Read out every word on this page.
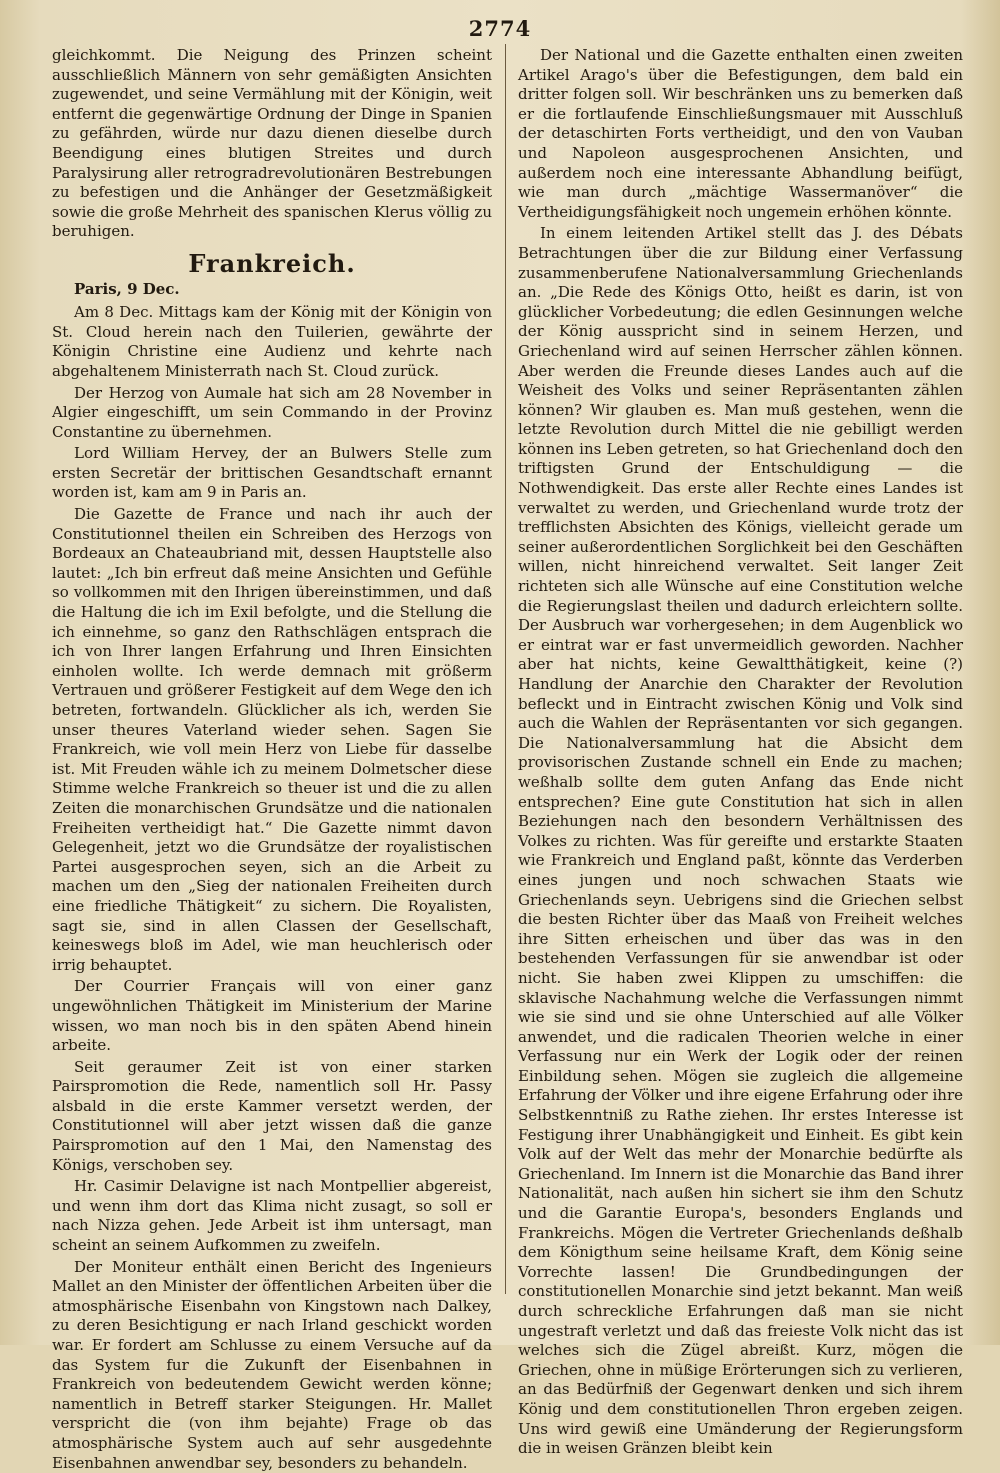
2774

gleichkommt. Die Neigung des Prinzen scheint ausschließlich Männern von sehr gemäßigten Ansichten zugewendet, und seine Vermählung mit der Königin, weit entfernt die gegenwärtige Ordnung der Dinge in Spanien zu gefährden, würde nur dazu dienen dieselbe durch Beendigung eines blutigen Streites und durch Paralysirung aller retrogradrevolutionären Bestrebungen zu befestigen und die Anhänger der Gesetzmäßigkeit sowie die große Mehrheit des spanischen Klerus völlig zu beruhigen.

Frankreich.
Paris, 9 Dec.

Am 8 Dec. Mittags kam der König mit der Königin von St. Cloud herein nach den Tuilerien, gewährte der Königin Christine eine Audienz und kehrte nach abgehaltenem Ministerrath nach St. Cloud zurück.

Der Herzog von Aumale hat sich am 28 November in Algier eingeschifft, um sein Commando in der Provinz Constantine zu übernehmen.

Lord William Hervey, der an Bulwers Stelle zum ersten Secretär der brittischen Gesandtschaft ernannt worden ist, kam am 9 in Paris an.

Die Gazette de France und nach ihr auch der Constitutionnel theilen ein Schreiben des Herzogs von Bordeaux an Chateaubriand mit, dessen Hauptstelle also lautet: „Ich bin erfreut daß meine Ansichten und Gefühle so vollkommen mit den Ihrigen übereinstimmen, und daß die Haltung die ich im Exil befolgte, und die Stellung die ich einnehme, so ganz den Rathschlägen entsprach die ich von Ihrer langen Erfahrung und Ihren Einsichten einholen wollte. Ich werde demnach mit größerm Vertrauen und größerer Festigkeit auf dem Wege den ich betreten, fortwandeln. Glücklicher als ich, werden Sie unser theures Vaterland wieder sehen. Sagen Sie Frankreich, wie voll mein Herz von Liebe für dasselbe ist. Mit Freuden wähle ich zu meinem Dolmetscher diese Stimme welche Frankreich so theuer ist und die zu allen Zeiten die monarchischen Grundsätze und die nationalen Freiheiten vertheidigt hat.“ Die Gazette nimmt davon Gelegenheit, jetzt wo die Grundsätze der royalistischen Partei ausgesprochen seyen, sich an die Arbeit zu machen um den „Sieg der nationalen Freiheiten durch eine friedliche Thätigkeit“ zu sichern. Die Royalisten, sagt sie, sind in allen Classen der Gesellschaft, keineswegs bloß im Adel, wie man heuchlerisch oder irrig behauptet.

Der Courrier Français will von einer ganz ungewöhnlichen Thätigkeit im Ministerium der Marine wissen, wo man noch bis in den späten Abend hinein arbeite.

Seit geraumer Zeit ist von einer starken Pairspromotion die Rede, namentlich soll Hr. Passy alsbald in die erste Kammer versetzt werden, der Constitutionnel will aber jetzt wissen daß die ganze Pairspromotion auf den 1 Mai, den Namenstag des Königs, verschoben sey.

Hr. Casimir Delavigne ist nach Montpellier abgereist, und wenn ihm dort das Klima nicht zusagt, so soll er nach Nizza gehen. Jede Arbeit ist ihm untersagt, man scheint an seinem Aufkommen zu zweifeln.

Der Moniteur enthält einen Bericht des Ingenieurs Mallet an den Minister der öffentlichen Arbeiten über die atmosphärische Eisenbahn von Kingstown nach Dalkey, zu deren Besichtigung er nach Irland geschickt worden war. Er fordert am Schlusse zu einem Versuche auf da das System fur die Zukunft der Eisenbahnen in Frankreich von bedeutendem Gewicht werden könne; namentlich in Betreff starker Steigungen. Hr. Mallet verspricht die (von ihm bejahte) Frage ob das atmosphärische System auch auf sehr ausgedehnte Eisenbahnen anwendbar sey, besonders zu behandeln.

Der National und die Gazette enthalten einen zweiten Artikel Arago's über die Befestigungen, dem bald ein dritter folgen soll. Wir beschränken uns zu bemerken daß er die fortlaufende Einschließungsmauer mit Ausschluß der detaschirten Forts vertheidigt, und den von Vauban und Napoleon ausgesprochenen Ansichten, und außerdem noch eine interessante Abhandlung beifügt, wie man durch „mächtige Wassermanöver“ die Vertheidigungsfähigkeit noch ungemein erhöhen könnte.

In einem leitenden Artikel stellt das J. des Débats Betrachtungen über die zur Bildung einer Verfassung zusammenberufene Nationalversammlung Griechenlands an. „Die Rede des Königs Otto, heißt es darin, ist von glücklicher Vorbedeutung; die edlen Gesinnungen welche der König ausspricht sind in seinem Herzen, und Griechenland wird auf seinen Herrscher zählen können. Aber werden die Freunde dieses Landes auch auf die Weisheit des Volks und seiner Repräsentanten zählen können? Wir glauben es. Man muß gestehen, wenn die letzte Revolution durch Mittel die nie gebilligt werden können ins Leben getreten, so hat Griechenland doch den triftigsten Grund der Entschuldigung — die Nothwendigkeit. Das erste aller Rechte eines Landes ist verwaltet zu werden, und Griechenland wurde trotz der trefflichsten Absichten des Königs, vielleicht gerade um seiner außerordentlichen Sorglichkeit bei den Geschäften willen, nicht hinreichend verwaltet. Seit langer Zeit richteten sich alle Wünsche auf eine Constitution welche die Regierungslast theilen und dadurch erleichtern sollte. Der Ausbruch war vorhergesehen; in dem Augenblick wo er eintrat war er fast unvermeidlich geworden. Nachher aber hat nichts, keine Gewaltthätigkeit, keine (?) Handlung der Anarchie den Charakter der Revolution befleckt und in Eintracht zwischen König und Volk sind auch die Wahlen der Repräsentanten vor sich gegangen. Die Nationalversammlung hat die Absicht dem provisorischen Zustande schnell ein Ende zu machen; weßhalb sollte dem guten Anfang das Ende nicht entsprechen? Eine gute Constitution hat sich in allen Beziehungen nach den besondern Verhältnissen des Volkes zu richten. Was für gereifte und erstarkte Staaten wie Frankreich und England paßt, könnte das Verderben eines jungen und noch schwachen Staats wie Griechenlands seyn. Uebrigens sind die Griechen selbst die besten Richter über das Maaß von Freiheit welches ihre Sitten erheischen und über das was in den bestehenden Verfassungen für sie anwendbar ist oder nicht. Sie haben zwei Klippen zu umschiffen: die sklavische Nachahmung welche die Verfassungen nimmt wie sie sind und sie ohne Unterschied auf alle Völker anwendet, und die radicalen Theorien welche in einer Verfassung nur ein Werk der Logik oder der reinen Einbildung sehen. Mögen sie zugleich die allgemeine Erfahrung der Völker und ihre eigene Erfahrung oder ihre Selbstkenntniß zu Rathe ziehen. Ihr erstes Interesse ist Festigung ihrer Unabhängigkeit und Einheit. Es gibt kein Volk auf der Welt das mehr der Monarchie bedürfte als Griechenland. Im Innern ist die Monarchie das Band ihrer Nationalität, nach außen hin sichert sie ihm den Schutz und die Garantie Europa's, besonders Englands und Frankreichs. Mögen die Vertreter Griechenlands deßhalb dem Königthum seine heilsame Kraft, dem König seine Vorrechte lassen! Die Grundbedingungen der constitutionellen Monarchie sind jetzt bekannt. Man weiß durch schreckliche Erfahrungen daß man sie nicht ungestraft verletzt und daß das freieste Volk nicht das ist welches sich die Zügel abreißt. Kurz, mögen die Griechen, ohne in müßige Erörterungen sich zu verlieren, an das Bedürfniß der Gegenwart denken und sich ihrem König und dem constitutionellen Thron ergeben zeigen. Uns wird gewiß eine Umänderung der Regierungsform die in weisen Gränzen bleibt kein
